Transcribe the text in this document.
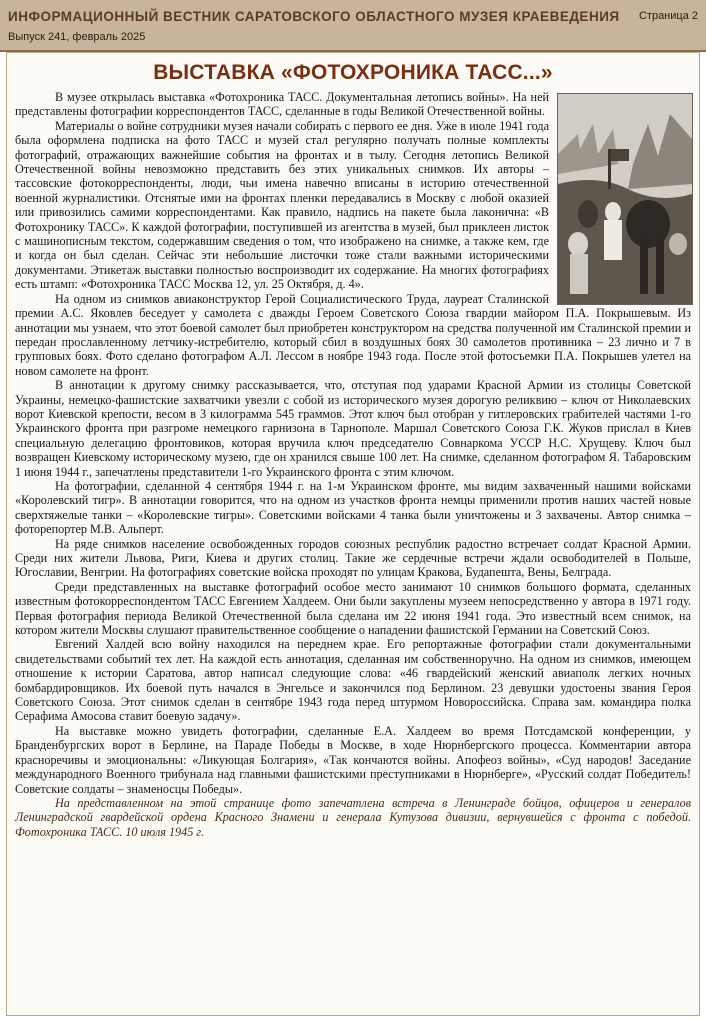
ИНФОРМАЦИОННЫЙ ВЕСТНИК САРАТОВСКОГО ОБЛАСТНОГО МУЗЕЯ КРАЕВЕДЕНИЯ
Выпуск 241, февраль 2025
Страница 2
ВЫСТАВКА «ФОТОХРОНИКА ТАСС...»

В музее открылась выставка «Фотохроника ТАСС. Документальная летопись войны». На ней представлены фотографии корреспондентов ТАСС, сделанные в годы Великой Отечественной войны.

Материалы о войне сотрудники музея начали собирать с первого ее дня. Уже в июле 1941 года была оформлена подписка на фото ТАСС и музей стал регулярно получать полные комплекты фотографий, отражающих важнейшие события на фронтах и в тылу. Сегодня летопись Великой Отечественной войны невозможно представить без этих уникальных снимков. Их авторы – тассовские фотокорреспонденты, люди, чьи имена навечно вписаны в историю отечественной военной журналистики. Отснятые ими на фронтах пленки передавались в Москву с любой оказией или привозились самими корреспондентами. Как правило, надпись на пакете была лаконична: «В Фотохронику ТАСС». К каждой фотографии, поступившей из агентства в музей, был приклеен листок с машинописным текстом, содержавшим сведения о том, что изображено на снимке, а также кем, где и когда он был сделан. Сейчас эти небольшие листочки тоже стали важными историческими документами. Этикетаж выставки полностью воспроизводит их содержание. На многих фотографиях есть штамп: «Фотохроника ТАСС Москва 12, ул. 25 Октября, д. 4».

На одном из снимков авиаконструктор Герой Социалистического Труда, лауреат Сталинской премии А.С. Яковлев беседует у самолета с дважды Героем Советского Союза гвардии майором П.А. Покрышевым. Из аннотации мы узнаем, что этот боевой самолет был приобретен конструктором на средства полученной им Сталинской премии и передан прославленному летчику-истребителю, который сбил в воздушных боях 30 самолетов противника – 23 лично и 7 в групповых боях. Фото сделано фотографом А.Л. Лессом в ноябре 1943 года. После этой фотосъемки П.А. Покрышев улетел на новом самолете на фронт.

В аннотации к другому снимку рассказывается, что, отступая под ударами Красной Армии из столицы Советской Украины, немецко-фашистские захватчики увезли с собой из исторического музея дорогую реликвию – ключ от Николаевских ворот Киевской крепости, весом в 3 килограмма 545 граммов. Этот ключ был отобран у гитлеровских грабителей частями 1-го Украинского фронта при разгроме немецкого гарнизона в Тарнополе. Маршал Советского Союза Г.К. Жуков прислал в Киев специальную делегацию фронтовиков, которая вручила ключ председателю Совнаркома УССР Н.С. Хрущеву. Ключ был возвращен Киевскому историческому музею, где он хранился свыше 100 лет. На снимке, сделанном фотографом Я. Табаровским 1 июня 1944 г., запечатлены представители 1-го Украинского фронта с этим ключом.

На фотографии, сделанной 4 сентября 1944 г. на 1-м Украинском фронте, мы видим захваченный нашими войсками «Королевский тигр». В аннотации говорится, что на одном из участков фронта немцы применили против наших частей новые сверхтяжелые танки – «Королевские тигры». Советскими войсками 4 танка были уничтожены и 3 захвачены. Автор снимка – фоторепортер М.В. Альперт.

На ряде снимков население освобожденных городов союзных республик радостно встречает солдат Красной Армии. Среди них жители Львова, Риги, Киева и других столиц. Такие же сердечные встречи ждали освободителей в Польше, Югославии, Венгрии. На фотографиях советские войска проходят по улицам Кракова, Будапешта, Вены, Белграда.

Среди представленных на выставке фотографий особое место занимают 10 снимков большого формата, сделанных известным фотокорреспондентом ТАСС Евгением Халдеем. Они были закуплены музеем непосредственно у автора в 1971 году. Первая фотография периода Великой Отечественной была сделана им 22 июня 1941 года. Это известный всем снимок, на котором жители Москвы слушают правительственное сообщение о нападении фашистской Германии на Советский Союз.

Евгений Халдей всю войну находился на переднем крае. Его репортажные фотографии стали документальными свидетельствами событий тех лет. На каждой есть аннотация, сделанная им собственноручно. На одном из снимков, имеющем отношение к истории Саратова, автор написал следующие слова: «46 гвардейский женский авиаполк легких ночных бомбардировщиков. Их боевой путь начался в Энгельсе и закончился под Берлином. 23 девушки удостоены звания Героя Советского Союза. Этот снимок сделан в сентябре 1943 года перед штурмом Новороссийска. Справа зам. командира полка Серафима Амосова ставит боевую задачу».

На выставке можно увидеть фотографии, сделанные Е.А. Халдеем во время Потсдамской конференции, у Бранденбургских ворот в Берлине, на Параде Победы в Москве, в ходе Нюрнбергского процесса. Комментарии автора красноречивы и эмоциональны: «Ликующая Болгария», «Так кончаются войны. Апофеоз войны», «Суд народов! Заседание международного Военного трибунала над главными фашистскими преступниками в Нюрнберге», «Русский солдат Победитель! Советские солдаты – знаменосцы Победы».

На представленном на этой странице фото запечатлена встреча в Ленинграде бойцов, офицеров и генералов Ленинградской гвардейской ордена Красного Знамени и генерала Кутузова дивизии, вернувшейся с фронта с победой. Фотохроника ТАСС. 10 июля 1945 г.
